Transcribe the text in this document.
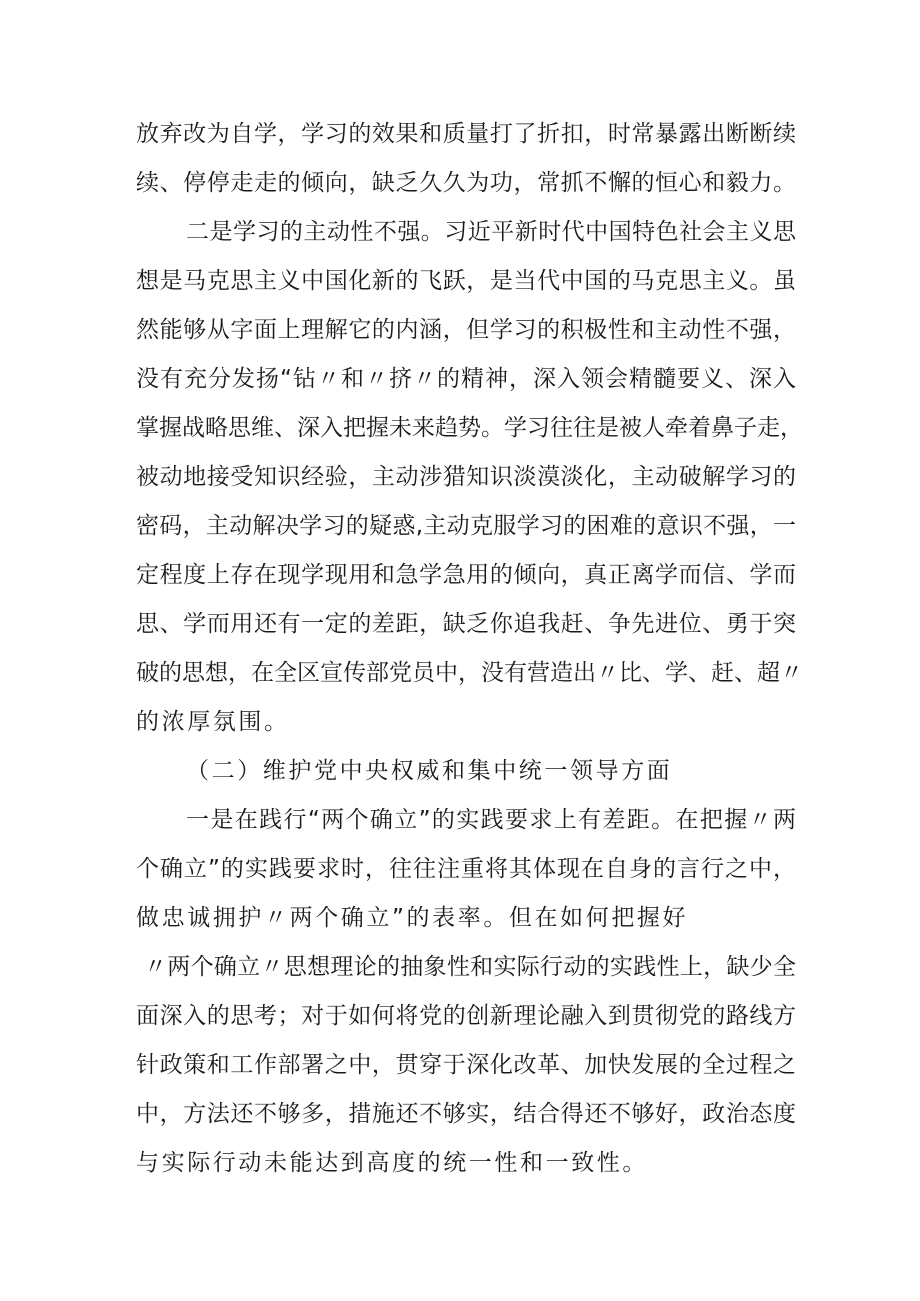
放弃改为自学，学习的效果和质量打了折扣，时常暴露出断断续
续、停停走走的倾向，缺乏久久为功，常抓不懈的恒心和毅力。
二是学习的主动性不强。习近平新时代中国特色社会主义思
想是马克思主义中国化新的飞跃，是当代中国的马克思主义。虽
然能够从字面上理解它的内涵，但学习的积极性和主动性不强，
没有充分发扬“钻〃和〃挤〃的精神，深入领会精髓要义、深入
掌握战略思维、深入把握未来趋势。学习往往是被人牵着鼻子走，
被动地接受知识经验，主动涉猎知识淡漠淡化，主动破解学习的
密码，主动解决学习的疑惑,主动克服学习的困难的意识不强，一
定程度上存在现学现用和急学急用的倾向，真正离学而信、学而
思、学而用还有一定的差距，缺乏你追我赶、争先进位、勇于突
破的思想，在全区宣传部党员中，没有营造出〃比、学、赶、超〃
的浓厚氛围。
（二）维护党中央权威和集中统一领导方面
一是在践行“两个确立”的实践要求上有差距。在把握〃两
个确立”的实践要求时，往往注重将其体现在自身的言行之中，
做忠诚拥护〃两个确立”的表率。但在如何把握好
〃两个确立〃思想理论的抽象性和实际行动的实践性上，缺少全
面深入的思考；对于如何将党的创新理论融入到贯彻党的路线方
针政策和工作部署之中，贯穿于深化改革、加快发展的全过程之
中，方法还不够多，措施还不够实，结合得还不够好，政治态度
与实际行动未能达到高度的统一性和一致性。
